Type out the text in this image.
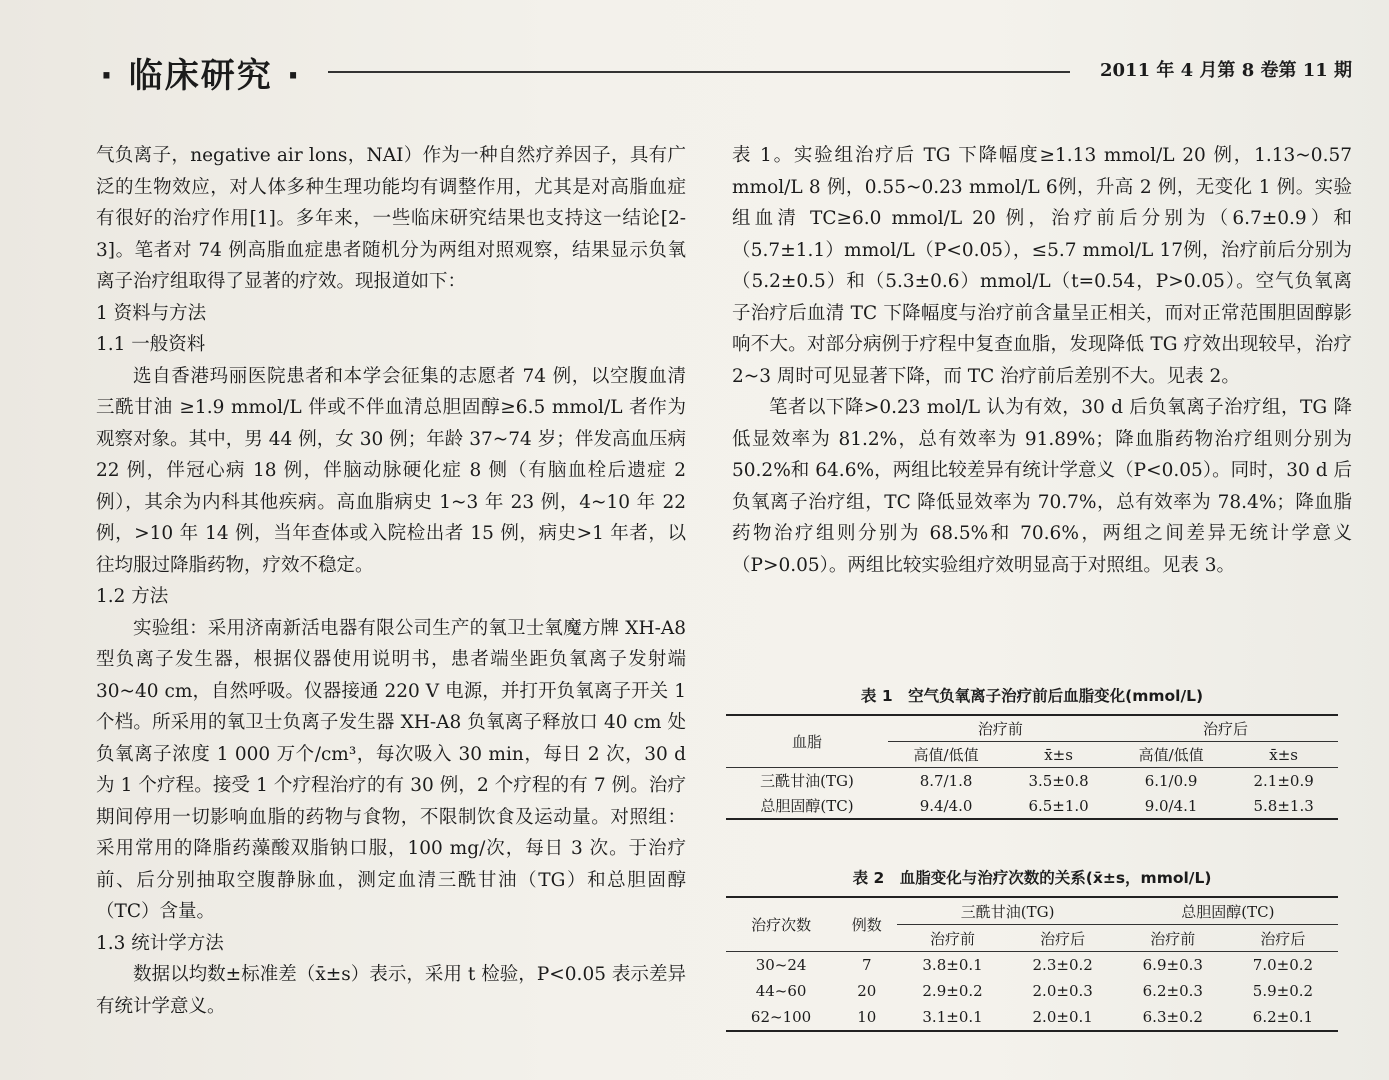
· 临床研究 ·	2011 年 4 月第 8 卷第 11 期

气负离子，negative air lons，NAI）作为一种自然疗养因子，具有广泛的生物效应，对人体多种生理功能均有调整作用，尤其是对高脂血症有很好的治疗作用[1]。多年来，一些临床研究结果也支持这一结论[2-3]。笔者对 74 例高脂血症患者随机分为两组对照观察，结果显示负氧离子治疗组取得了显著的疗效。现报道如下：

1 资料与方法
1.1 一般资料

选自香港玛丽医院患者和本学会征集的志愿者 74 例，以空腹血清三酰甘油 ≥1.9 mmol/L 伴或不伴血清总胆固醇≥6.5 mmol/L 者作为观察对象。其中，男 44 例，女 30 例；年龄 37~74 岁；伴发高血压病 22 例，伴冠心病 18 例，伴脑动脉硬化症 8 侧（有脑血栓后遗症 2 例），其余为内科其他疾病。高血脂病史 1~3 年 23 例，4~10 年 22 例，>10 年 14 例，当年查体或入院检出者 15 例，病史>1 年者，以往均服过降脂药物，疗效不稳定。

1.2 方法

实验组：采用济南新活电器有限公司生产的氧卫士氧魔方牌 XH-A8 型负离子发生器，根据仪器使用说明书，患者端坐距负氧离子发射端 30~40 cm，自然呼吸。仪器接通 220 V 电源，并打开负氧离子开关 1 个档。所采用的氧卫士负离子发生器 XH-A8 负氧离子释放口 40 cm 处负氧离子浓度 1 000 万个/cm³，每次吸入 30 min，每日 2 次，30 d 为 1 个疗程。接受 1 个疗程治疗的有 30 例，2 个疗程的有 7 例。治疗期间停用一切影响血脂的药物与食物，不限制饮食及运动量。对照组：采用常用的降脂药藻酸双脂钠口服，100 mg/次，每日 3 次。于治疗前、后分别抽取空腹静脉血，测定血清三酰甘油（TG）和总胆固醇（TC）含量。

1.3 统计学方法

数据以均数±标准差（x̄±s）表示，采用 t 检验，P<0.05 表示差异有统计学意义。

表 1。实验组治疗后 TG 下降幅度≥1.13 mmol/L 20 例，1.13~0.57 mmol/L 8 例，0.55~0.23 mmol/L 6例，升高 2 例，无变化 1 例。实验组血清 TC≥6.0 mmol/L 20 例，治疗前后分别为（6.7±0.9）和（5.7±1.1）mmol/L（P<0.05），≤5.7 mmol/L 17例，治疗前后分别为（5.2±0.5）和（5.3±0.6）mmol/L（t=0.54，P>0.05）。空气负氧离子治疗后血清 TC 下降幅度与治疗前含量呈正相关，而对正常范围胆固醇影响不大。对部分病例于疗程中复查血脂，发现降低 TG 疗效出现较早，治疗 2~3 周时可见显著下降，而 TC 治疗前后差别不大。见表 2。

笔者以下降>0.23 mol/L 认为有效，30 d 后负氧离子治疗组，TG 降低显效率为 81.2%，总有效率为 91.89%；降血脂药物治疗组则分别为 50.2%和 64.6%，两组比较差异有统计学意义（P<0.05）。同时，30 d 后负氧离子治疗组，TC 降低显效率为 70.7%，总有效率为 78.4%；降血脂药物治疗组则分别为 68.5%和 70.6%，两组之间差异无统计学意义（P>0.05）。两组比较实验组疗效明显高于对照组。见表 3。

表 1　空气负氧离子治疗前后血脂变化(mmol/L)
血脂	治疗前		治疗后	
	高值/低值	x̄±s	高值/低值	x̄±s
三酰甘油(TG)	8.7/1.8	3.5±0.8	6.1/0.9	2.1±0.9
总胆固醇(TC)	9.4/4.0	6.5±1.0	9.0/4.1	5.8±1.3
表 2　血脂变化与治疗次数的关系(x̄±s，mmol/L)
治疗次数	例数	三酰甘油(TG)		总胆固醇(TC)	
		治疗前	治疗后	治疗前	治疗后
30~24	7	3.8±0.1	2.3±0.2	6.9±0.3	7.0±0.2
44~60	20	2.9±0.2	2.0±0.3	6.2±0.3	5.9±0.2
62~100	10	3.1±0.1	2.0±0.1	6.3±0.2	6.2±0.1
